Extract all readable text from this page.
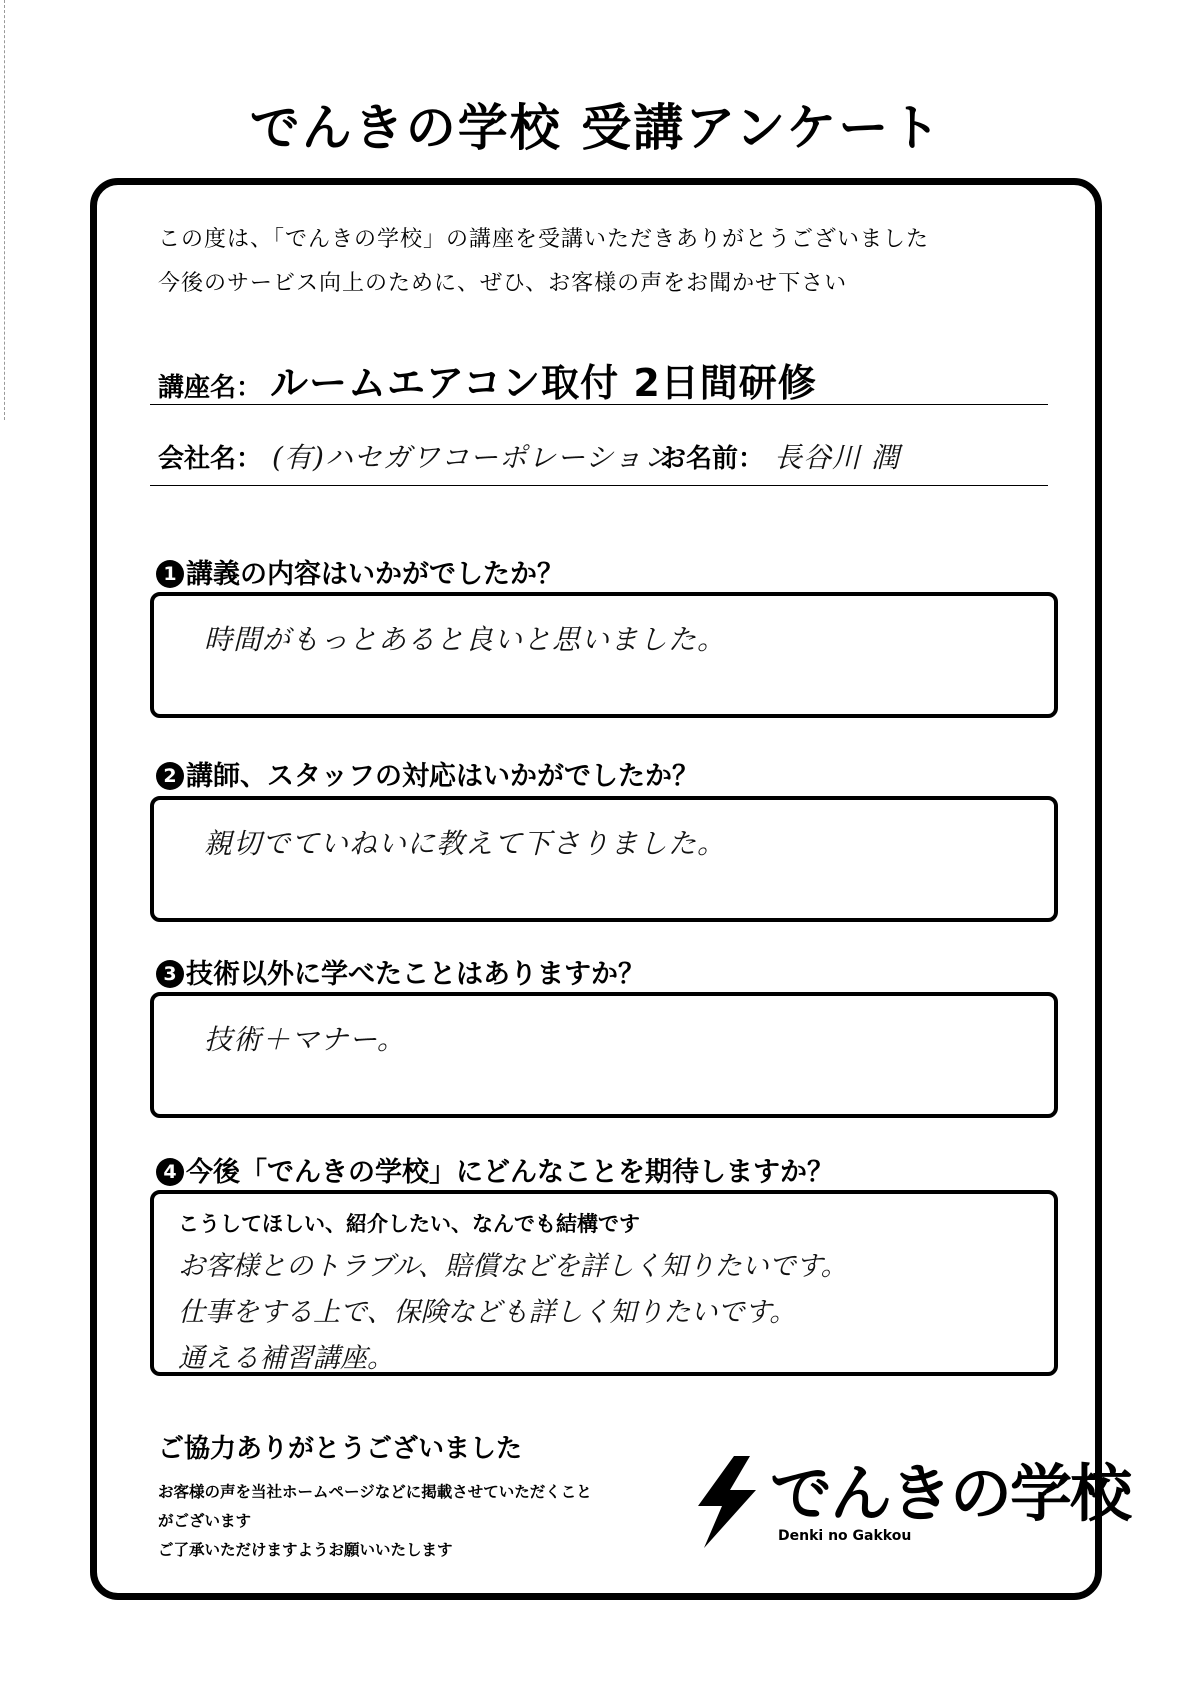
でんきの学校 受講アンケート
この度は、「でんきの学校」の講座を受講いただきありがとうございました
今後のサービス向上のために、ぜひ、お客様の声をお聞かせ下さい
講座名： ルームエアコン取付 2日間研修
会社名： (有)ハセガワコーポレーション
お名前： 長谷川 潤
1 講義の内容はいかがでしたか？
時間がもっとあると良いと思いました。
2 講師、スタッフの対応はいかがでしたか？
親切でていねいに教えて下さりました。
3 技術以外に学べたことはありますか？
技術＋マナー。
4 今後「でんきの学校」にどんなことを期待しますか？
こうしてほしい、紹介したい、なんでも結構です
お客様とのトラブル、賠償などを詳しく知りたいです。
仕事をする上で、保険なども詳しく知りたいです。
通える補習講座。
ご協力ありがとうございました
お客様の声を当社ホームページなどに掲載させていただくこと
がございます
ご了承いただけますようお願いいたします
でんきの学校
Denki no Gakkou
